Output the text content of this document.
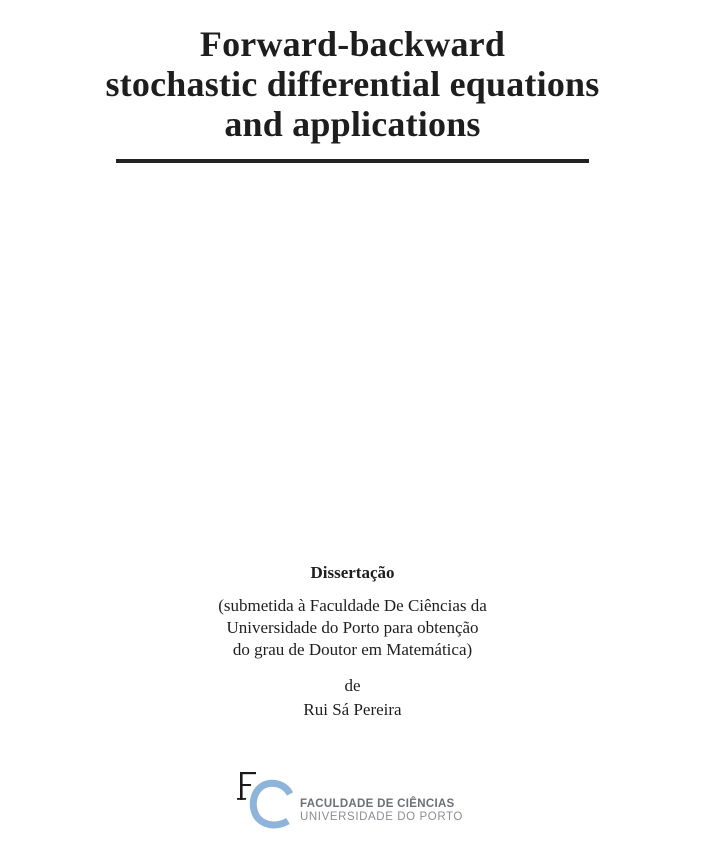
Forward-backward
stochastic differential equations
and applications
Dissertação
(submetida à Faculdade De Ciências da
Universidade do Porto para obtenção
do grau de Doutor em Matemática)
de
Rui Sá Pereira
FACULDADE DE CIÊNCIAS
UNIVERSIDADE DO PORTO
